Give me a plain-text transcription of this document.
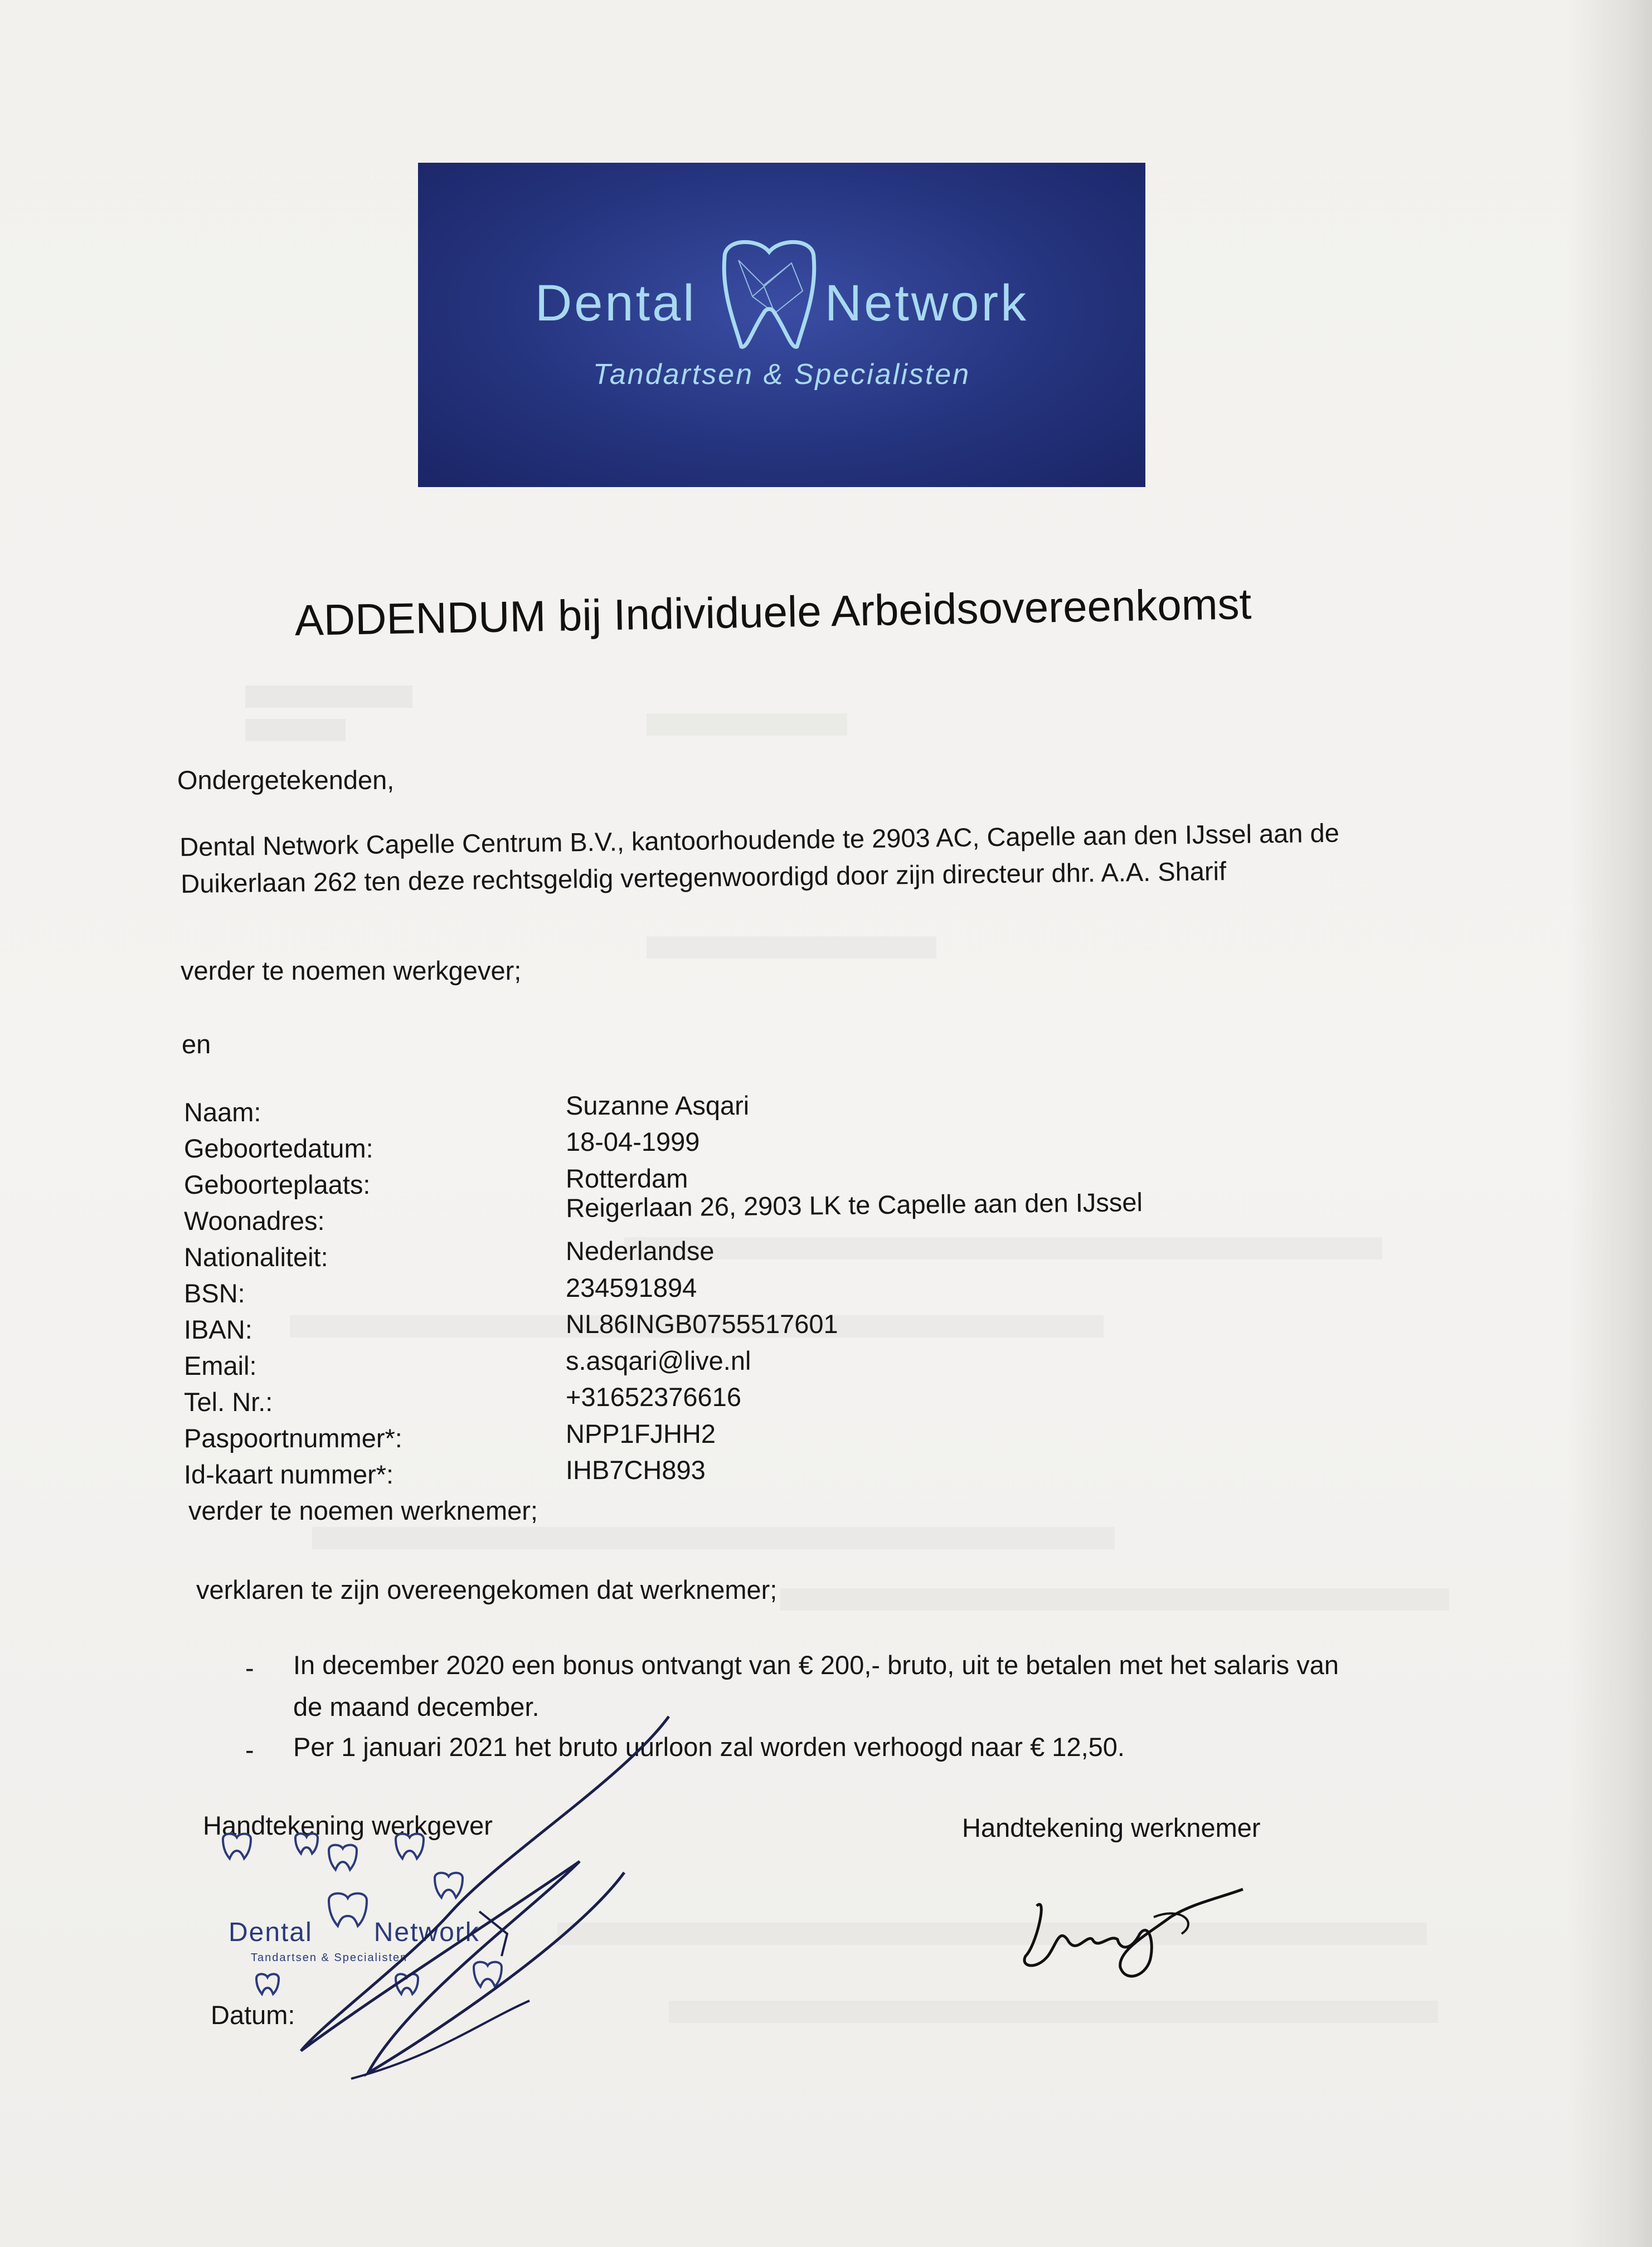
Dental	Network
Tandartsen & Specialisten
ADDENDUM bij Individuele Arbeidsovereenkomst
Ondergetekenden,
Dental Network Capelle Centrum B.V., kantoorhoudende te 2903 AC, Capelle aan den IJssel aan de
Duikerlaan 262 ten deze rechtsgeldig vertegenwoordigd door zijn directeur dhr. A.A. Sharif
verder te noemen werkgever;
en
Naam:	Suzanne Asqari
Geboortedatum:	18-04-1999
Geboorteplaats:	Rotterdam
Woonadres:	Reigerlaan 26, 2903 LK te Capelle aan den IJssel
Nationaliteit:	Nederlandse
BSN:	234591894
IBAN:	NL86INGB0755517601
Email:	s.asqari@live.nl
Tel. Nr.:	+31652376616
Paspoortnummer*:	NPP1FJHH2
Id-kaart nummer*:	IHB7CH893
verder te noemen werknemer;
verklaren te zijn overeengekomen dat werknemer;
- In december 2020 een bonus ontvangt van € 200,- bruto, uit te betalen met het salaris van
de maand december.
- Per 1 januari 2021 het bruto uurloon zal worden verhoogd naar € 12,50.
Handtekening werkgever	Handtekening werknemer
Dental Network
Tandartsen & Specialisten
Datum:
